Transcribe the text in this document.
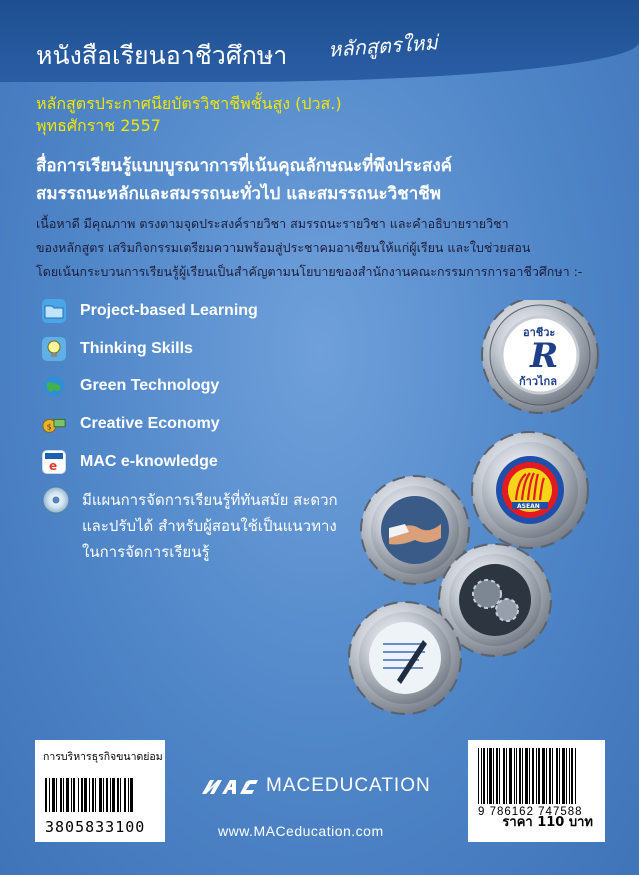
หนังสือเรียนอาชีวศึกษา หลักสูตรใหม่
หลักสูตรประกาศนียบัตรวิชาชีพชั้นสูง (ปวส.)
พุทธศักราช 2557
สื่อการเรียนรู้แบบบูรณาการที่เน้นคุณลักษณะที่พึงประสงค์
สมรรถนะหลักและสมรรถนะทั่วไป และสมรรถนะวิชาชีพ
เนื้อหาดี มีคุณภาพ ตรงตามจุดประสงค์รายวิชา สมรรถนะรายวิชา และคำอธิบายรายวิชา
ของหลักสูตร เสริมกิจกรรมเตรียมความพร้อมสู่ประชาคมอาเซียนให้แก่ผู้เรียน และใบช่วยสอน
โดยเน้นกระบวนการเรียนรู้ผู้เรียนเป็นสำคัญตามนโยบายของสำนักงานคณะกรรมการการอาชีวศึกษา :-
Project-based Learning
Thinking Skills
Green Technology
$ Creative Economy
e MAC e-knowledge
มีแผนการจัดการเรียนรู้ที่ทันสมัย สะดวก
และปรับได้ สำหรับผู้สอนใช้เป็นแนวทาง
ในการจัดการเรียนรู้
อาชีวะ
R
ก้าวไกล
ASEAN
การบริหารธุรกิจขนาดย่อม
3805833100
9 786162 747588
ราคา 110 บาท
MACEDUCATION
www.MACeducation.com
